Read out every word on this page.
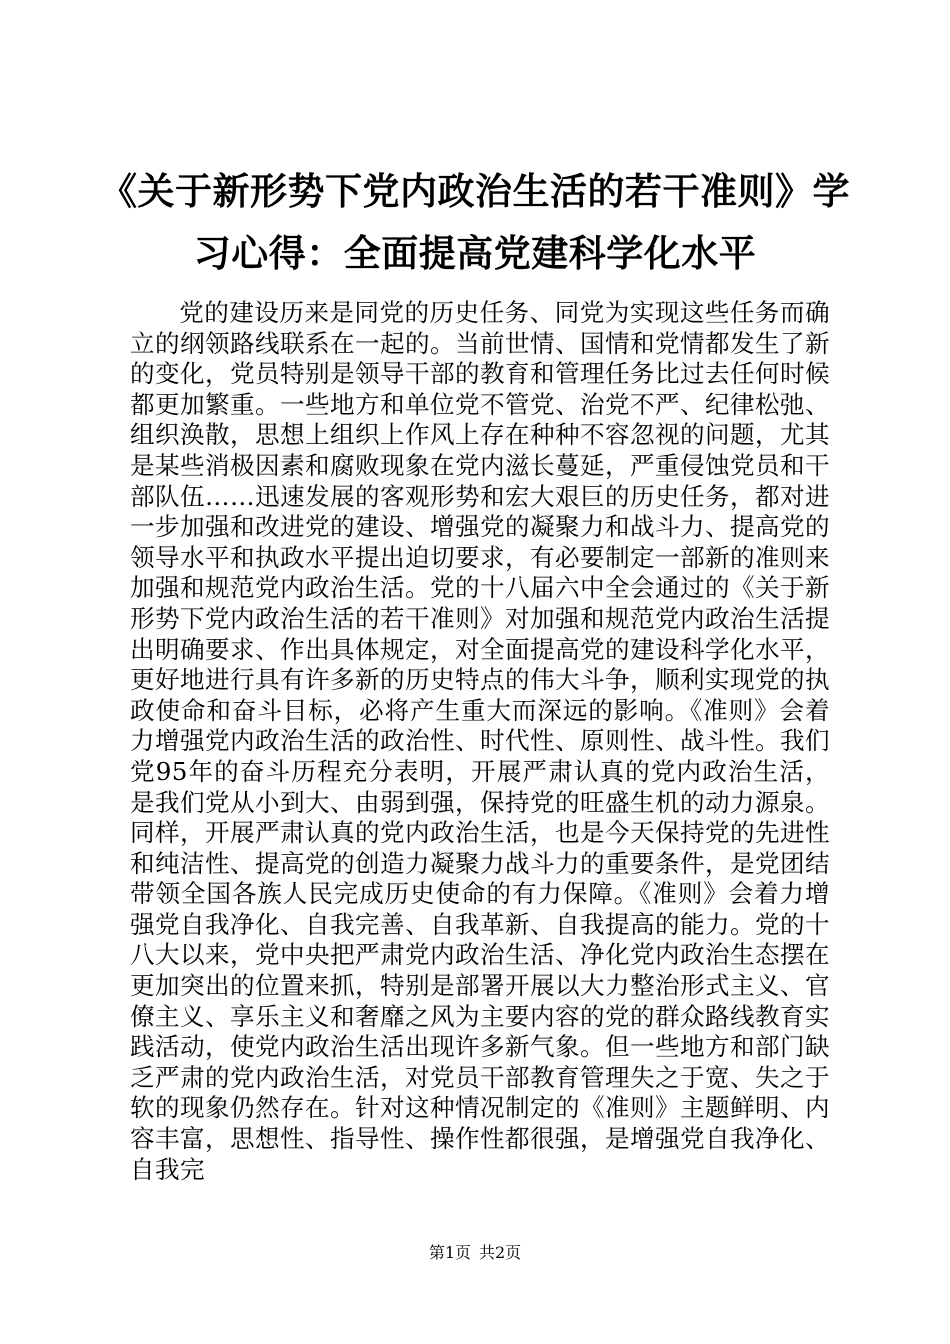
《关于新形势下党内政治生活的若干准则》学
习心得：全面提高党建科学化水平

党的建设历来是同党的历史任务、同党为实现这些任务而确立的纲领路线联系在一起的。当前世情、国情和党情都发生了新的变化，党员特别是领导干部的教育和管理任务比过去任何时候都更加繁重。一些地方和单位党不管党、治党不严、纪律松弛、组织涣散，思想上组织上作风上存在种种不容忽视的问题，尤其是某些消极因素和腐败现象在党内滋长蔓延，严重侵蚀党员和干部队伍……迅速发展的客观形势和宏大艰巨的历史任务，都对进一步加强和改进党的建设、增强党的凝聚力和战斗力、提高党的领导水平和执政水平提出迫切要求，有必要制定一部新的准则来加强和规范党内政治生活。党的十八届六中全会通过的《关于新形势下党内政治生活的若干准则》对加强和规范党内政治生活提出明确要求、作出具体规定，对全面提高党的建设科学化水平，更好地进行具有许多新的历史特点的伟大斗争，顺利实现党的执政使命和奋斗目标，必将产生重大而深远的影响。《准则》会着力增强党内政治生活的政治性、时代性、原则性、战斗性。我们党95年的奋斗历程充分表明，开展严肃认真的党内政治生活，是我们党从小到大、由弱到强，保持党的旺盛生机的动力源泉。同样，开展严肃认真的党内政治生活，也是今天保持党的先进性和纯洁性、提高党的创造力凝聚力战斗力的重要条件，是党团结带领全国各族人民完成历史使命的有力保障。《准则》会着力增强党自我净化、自我完善、自我革新、自我提高的能力。党的十八大以来，党中央把严肃党内政治生活、净化党内政治生态摆在更加突出的位置来抓，特别是部署开展以大力整治形式主义、官僚主义、享乐主义和奢靡之风为主要内容的党的群众路线教育实践活动，使党内政治生活出现许多新气象。但一些地方和部门缺乏严肃的党内政治生活，对党员干部教育管理失之于宽、失之于软的现象仍然存在。针对这种情况制定的《准则》主题鲜明、内容丰富，思想性、指导性、操作性都很强，是增强党自我净化、自我完

第1页 共2页
